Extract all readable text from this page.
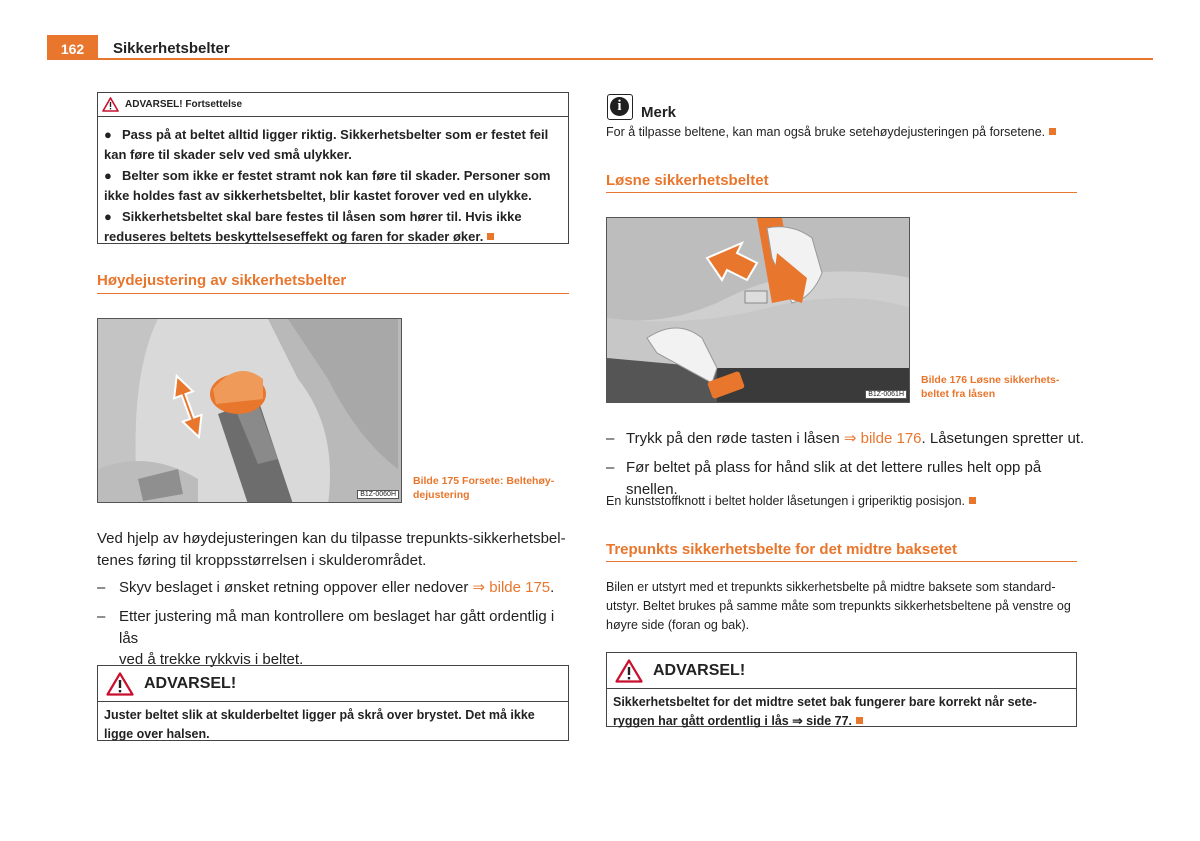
162	Sikkerhetsbelter
ADVARSEL! Fortsettelse
● Pass på at beltet alltid ligger riktig. Sikkerhetsbelter som er festet feil kan føre til skader selv ved små ulykker.
● Belter som ikke er festet stramt nok kan føre til skader. Personer som ikke holdes fast av sikkerhetsbeltet, blir kastet forover ved en ulykke.
● Sikkerhetsbeltet skal bare festes til låsen som hører til. Hvis ikke reduseres beltets beskyttelseseffekt og faren for skader øker.
Høydejustering av sikkerhetsbelter
B1Z-0060H
Bilde 175 Forsete: Beltehøy-
dejustering
Ved hjelp av høydejusteringen kan du tilpasse trepunkts-sikkerhetsbel-
tenes føring til kroppsstørrelsen i skulderområdet.
– Skyv beslaget i ønsket retning oppover eller nedover ⇒ bilde 175.
– Etter justering må man kontrollere om beslaget har gått ordentlig i lås
ved å trekke rykkvis i beltet.
ADVARSEL!
Juster beltet slik at skulderbeltet ligger på skrå over brystet. Det må ikke ligge over halsen.
i	Merk
For å tilpasse beltene, kan man også bruke setehøydejusteringen på forsetene.
Løsne sikkerhetsbeltet
B1Z-0061H
Bilde 176 Løsne sikkerhets-
beltet fra låsen
– Trykk på den røde tasten i låsen ⇒ bilde 176. Låsetungen spretter ut.
– Før beltet på plass for hånd slik at det lettere rulles helt opp på snellen.
En kunststoffknott i beltet holder låsetungen i griperiktig posisjon.
Trepunkts sikkerhetsbelte for det midtre baksetet
Bilen er utstyrt med et trepunkts sikkerhetsbelte på midtre baksete som standard-
utstyr. Beltet brukes på samme måte som trepunkts sikkerhetsbeltene på venstre og
høyre side (foran og bak).
ADVARSEL!
Sikkerhetsbeltet for det midtre setet bak fungerer bare korrekt når sete-
ryggen har gått ordentlig i lås ⇒ side 77.
